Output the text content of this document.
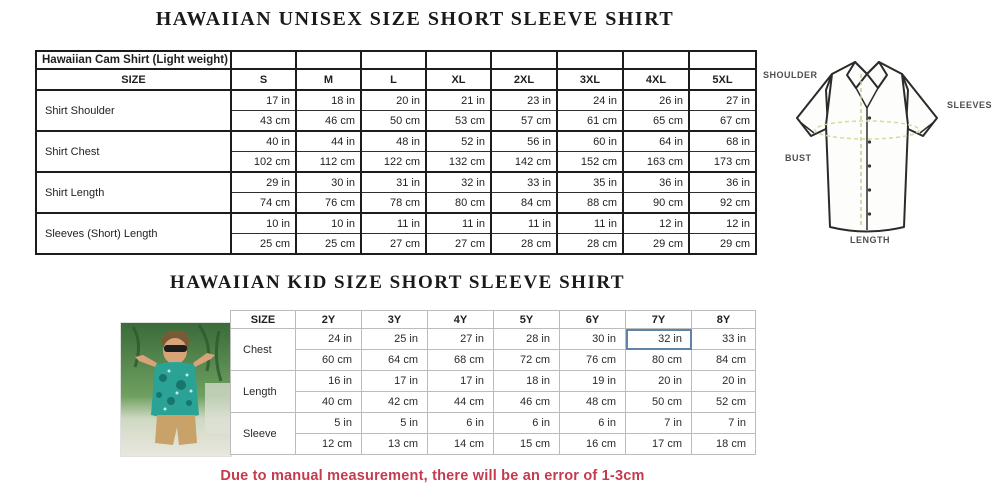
HAWAIIAN UNISEX SIZE SHORT SLEEVE SHIRT
Hawaiian Cam Shirt (Light weight)								
SIZE	S	M	L	XL	2XL	3XL	4XL	5XL
Shirt Shoulder	17 in	18 in	20 in	21 in	23 in	24 in	26 in	27 in
	43 cm	46 cm	50 cm	53 cm	57 cm	61 cm	65 cm	67 cm
Shirt Chest	40 in	44 in	48 in	52 in	56 in	60 in	64 in	68 in
	102 cm	112 cm	122 cm	132 cm	142 cm	152 cm	163 cm	173 cm
Shirt Length	29 in	30 in	31 in	32 in	33 in	35 in	36 in	36 in
	74 cm	76 cm	78 cm	80 cm	84 cm	88 cm	90 cm	92 cm
Sleeves (Short) Length	10 in	10 in	11 in	11 in	11 in	11 in	12 in	12 in
	25 cm	25 cm	27 cm	27 cm	28 cm	28 cm	29 cm	29 cm
SHOULDER
SLEEVES
BUST
LENGTH
HAWAIIAN KID SIZE SHORT SLEEVE SHIRT
SIZE	2Y	3Y	4Y	5Y	6Y	7Y	8Y
Chest	24 in	25 in	27 in	28 in	30 in	32 in	33 in
	60 cm	64 cm	68 cm	72 cm	76 cm	80 cm	84 cm
Length	16 in	17 in	17 in	18 in	19 in	20 in	20 in
	40 cm	42 cm	44 cm	46 cm	48 cm	50 cm	52 cm
Sleeve	5 in	5 in	6 in	6 in	6 in	7 in	7 in
	12 cm	13 cm	14 cm	15 cm	16 cm	17 cm	18 cm
Due to manual measurement, there will be an error of 1-3cm
